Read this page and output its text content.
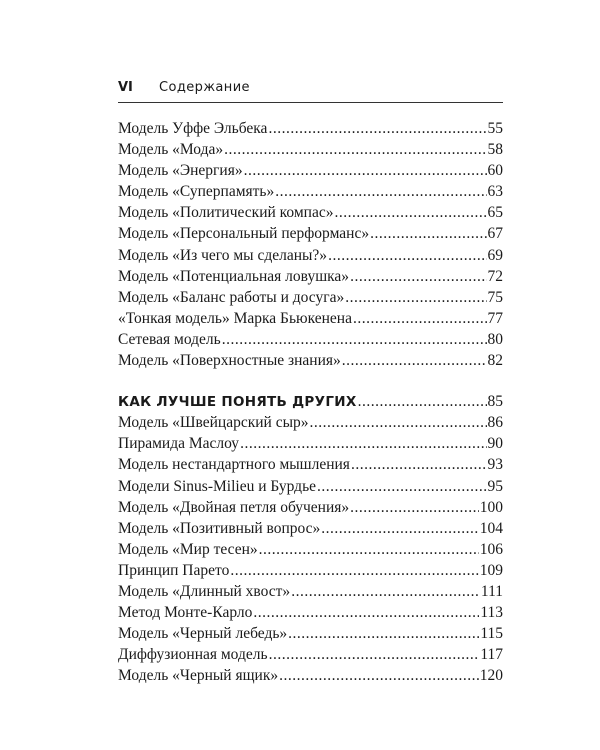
VI Содержание
Модель Уффе Эльбека .....	55
Модель «Мода» .....	58
Модель «Энергия» .....	60
Модель «Суперпамять» .....	63
Модель «Политический компас» .....	65
Модель «Персональный перформанс» .....	67
Модель «Из чего мы сделаны?» .....	69
Модель «Потенциальная ловушка» .....	72
Модель «Баланс работы и досуга» .....	75
«Тонкая модель» Марка Бьюкенена .....	77
Сетевая модель .....	80
Модель «Поверхностные знания» .....	82
КАК ЛУЧШЕ ПОНЯТЬ ДРУГИХ .....	85
Модель «Швейцарский сыр» .....	86
Пирамида Маслоу .....	90
Модель нестандартного мышления .....	93
Модели Sinus-Milieu и Бурдье .....	95
Модель «Двойная петля обучения» .....	100
Модель «Позитивный вопрос» .....	104
Модель «Мир тесен» .....	106
Принцип Парето .....	109
Модель «Длинный хвост» .....	111
Метод Монте-Карло .....	113
Модель «Черный лебедь» .....	115
Диффузионная модель .....	117
Модель «Черный ящик» .....	120
